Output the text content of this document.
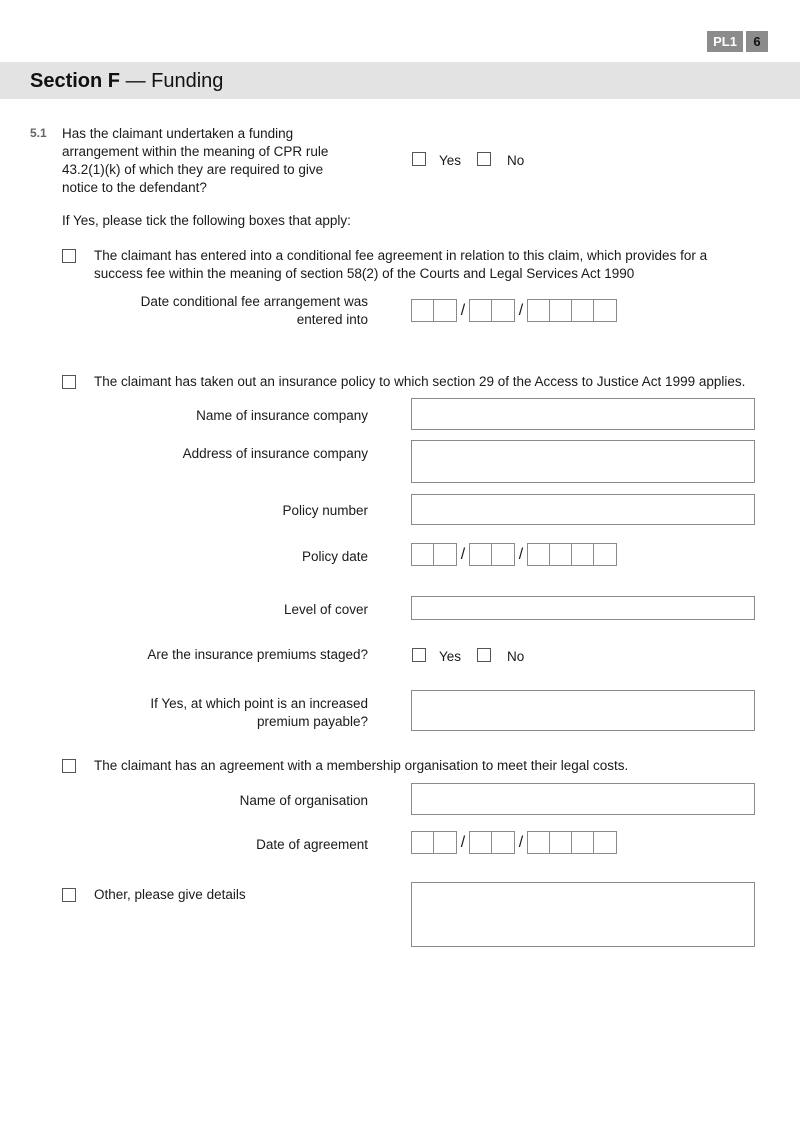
PL1	6
Section F — Funding
5.1 Has the claimant undertaken a funding
arrangement within the meaning of CPR rule
43.2(1)(k) of which they are required to give
notice to the defendant?
Yes	No
If Yes, please tick the following boxes that apply:
The claimant has entered into a conditional fee agreement in relation to this claim, which provides for a
success fee within the meaning of section 58(2) of the Courts and Legal Services Act 1990
Date conditional fee arrangement was
entered into
/	/
The claimant has taken out an insurance policy to which section 29 of the Access to Justice Act 1999 applies.
Name of insurance company
Address of insurance company
Policy number
Policy date	/	/
Level of cover
Are the insurance premiums staged?	Yes	No
If Yes, at which point is an increased
premium payable?
The claimant has an agreement with a membership organisation to meet their legal costs.
Name of organisation
Date of agreement	/	/
Other, please give details
